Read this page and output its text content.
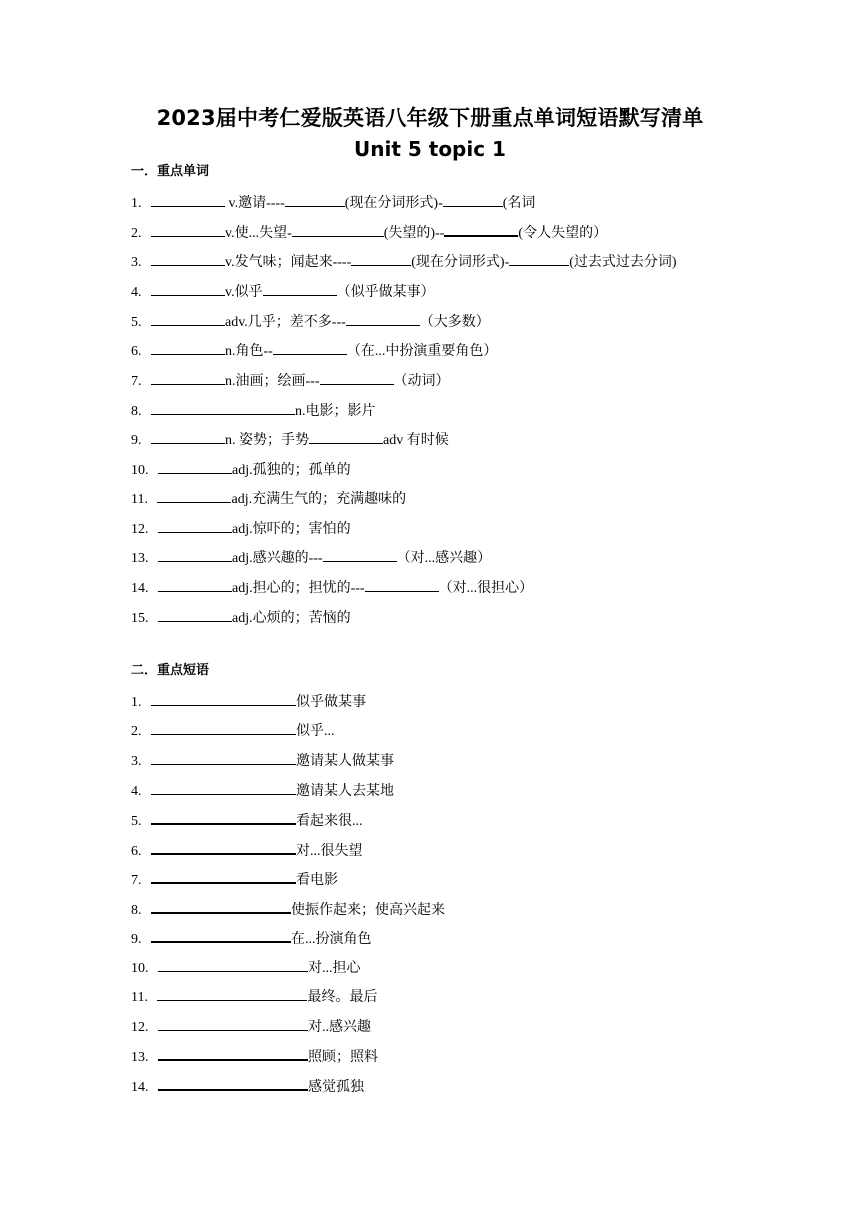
2023届中考仁爱版英语八年级下册重点单词短语默写清单
Unit 5 topic 1
一．重点单词
1.	v.邀请----	(现在分词形式)-	(名词
2.	v.使...失望-	(失望的)--	(令人失望的）
3.	v.发气味；闻起来----	(现在分词形式)-	(过去式过去分词)
4.	v.似乎	（似乎做某事）
5.	adv.几乎；差不多---	（大多数）
6.	n.角色--	（在...中扮演重要角色）
7.	n.油画；绘画---	（动词）
8.	n.电影；影片
9.	n. 姿势；手势	adv 有时候
10.	adj.孤独的；孤单的
11.	adj.充满生气的；充满趣味的
12.	adj.惊吓的；害怕的
13.	adj.感兴趣的---	（对...感兴趣）
14.	adj.担心的；担忧的---	（对...很担心）
15.	adj.心烦的；苦恼的
二．重点短语
1.	似乎做某事
2.	似乎...
3.	邀请某人做某事
4.	邀请某人去某地
5.	看起来很...
6.	对...很失望
7.	看电影
8.	使振作起来；使高兴起来
9.	在...扮演角色
10.	对...担心
11.	最终。最后
12.	对..感兴趣
13.	照顾；照料
14.	感觉孤独
